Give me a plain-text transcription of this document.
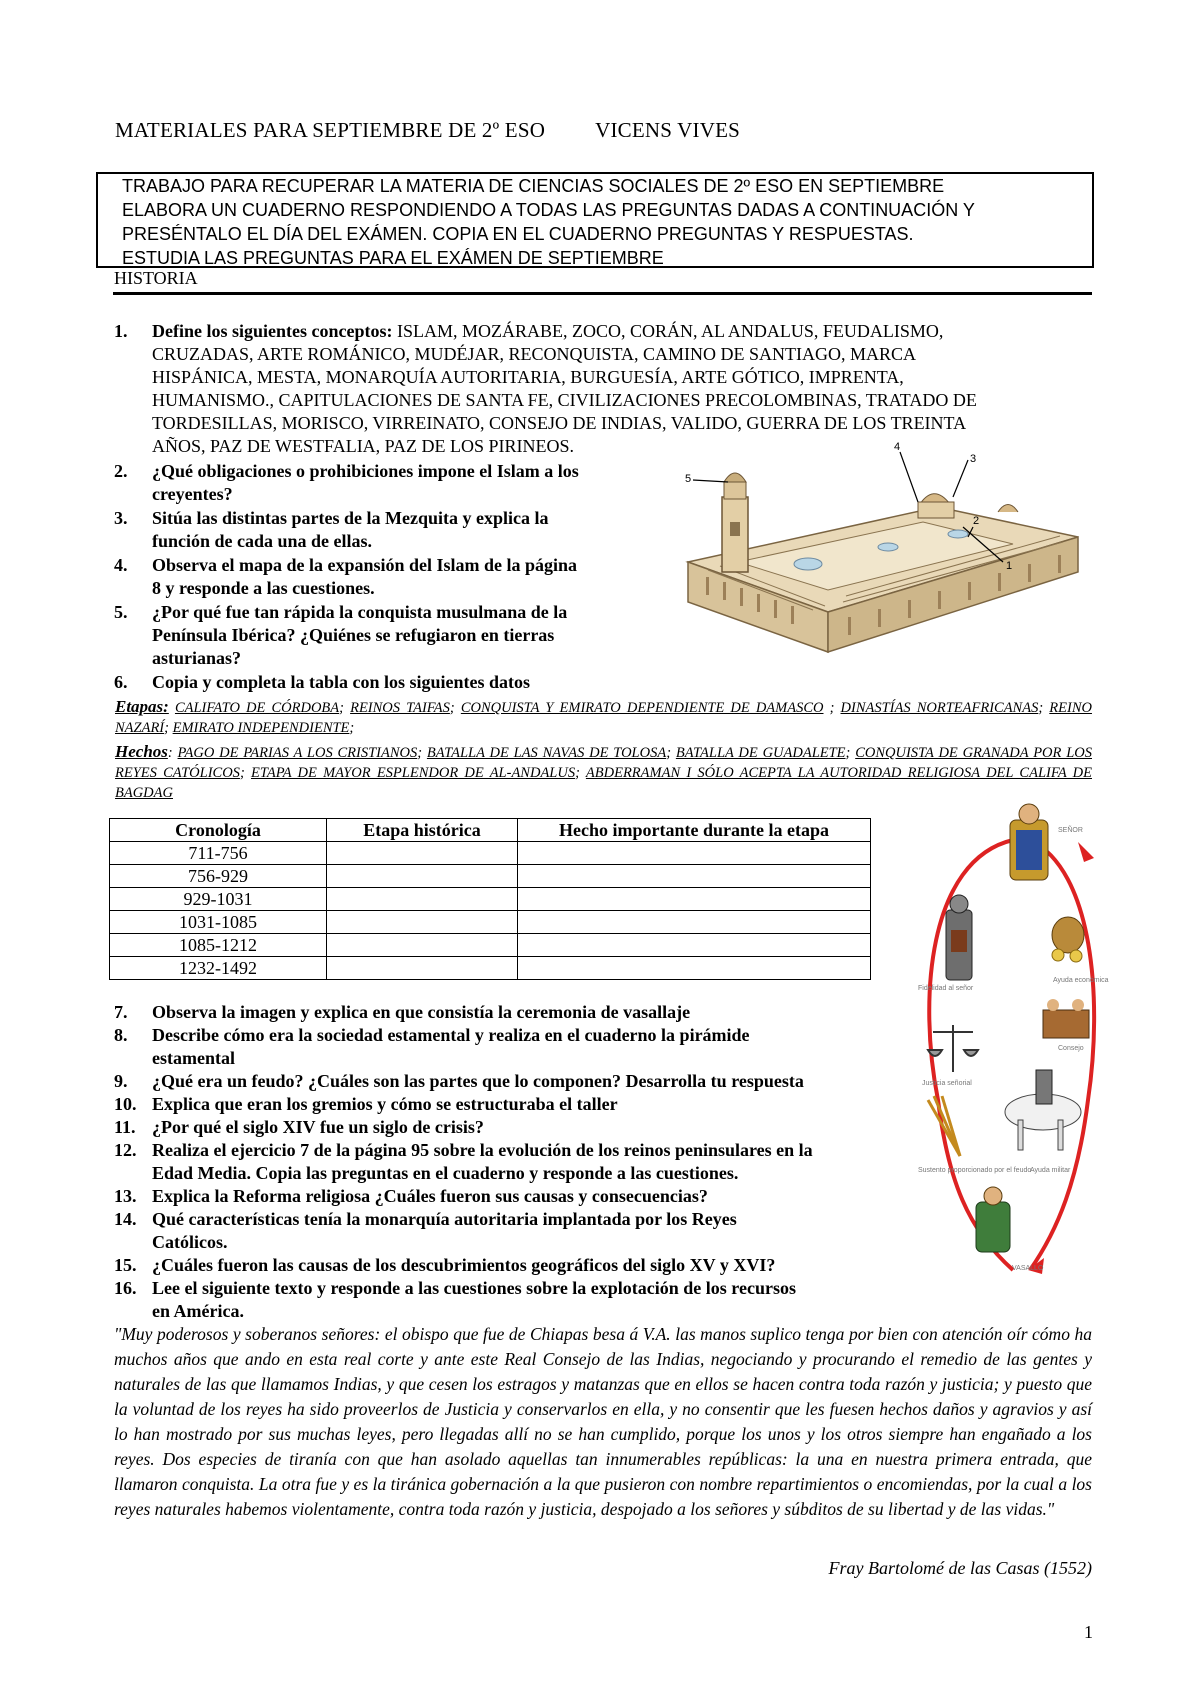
MATERIALES PARA SEPTIEMBRE DE 2º ESO VICENS VIVES
TRABAJO PARA RECUPERAR LA MATERIA DE CIENCIAS SOCIALES DE 2º ESO EN SEPTIEMBRE
ELABORA UN CUADERNO RESPONDIENDO A TODAS LAS PREGUNTAS DADAS A CONTINUACIÓN Y
PRESÉNTALO EL DÍA DEL EXÁMEN. COPIA EN EL CUADERNO PREGUNTAS Y RESPUESTAS.
ESTUDIA LAS PREGUNTAS PARA EL EXÁMEN DE SEPTIEMBRE
HISTORIA
1. Define los siguientes conceptos: ISLAM, MOZÁRABE, ZOCO, CORÁN, AL ANDALUS, FEUDALISMO,
CRUZADAS, ARTE ROMÁNICO, MUDÉJAR, RECONQUISTA, CAMINO DE SANTIAGO, MARCA
HISPÁNICA, MESTA, MONARQUÍA AUTORITARIA, BURGUESÍA, ARTE GÓTICO, IMPRENTA,
HUMANISMO., CAPITULACIONES DE SANTA FE, CIVILIZACIONES PRECOLOMBINAS, TRATADO DE
TORDESILLAS, MORISCO, VIRREINATO, CONSEJO DE INDIAS, VALIDO, GUERRA DE LOS TREINTA
AÑOS, PAZ DE WESTFALIA, PAZ DE LOS PIRINEOS.
2. ¿Qué obligaciones o prohibiciones impone el Islam a los
creyentes?
3. Sitúa las distintas partes de la Mezquita y explica la
función de cada una de ellas.
4. Observa el mapa de la expansión del Islam de la página
8 y responde a las cuestiones.
5. ¿Por qué fue tan rápida la conquista musulmana de la
Península Ibérica? ¿Quiénes se refugiaron en tierras
asturianas?
6. Copia y completa la tabla con los siguientes datos
4
3
5
2
1
Etapas: CALIFATO DE CÓRDOBA; REINOS TAIFAS; CONQUISTA Y EMIRATO DEPENDIENTE DE DAMASCO ; DINASTÍAS NORTEAFRICANAS; REINO NAZARÍ; EMIRATO INDEPENDIENTE;
Hechos: PAGO DE PARIAS A LOS CRISTIANOS; BATALLA DE LAS NAVAS DE TOLOSA; BATALLA DE GUADALETE; CONQUISTA DE GRANADA POR LOS REYES CATÓLICOS; ETAPA DE MAYOR ESPLENDOR DE AL-ANDALUS; ABDERRAMAN I SÓLO ACEPTA LA AUTORIDAD RELIGIOSA DEL CALIFA DE BAGDAG
Cronología	Etapa histórica	Hecho importante durante la etapa
711-756		
756-929		
929-1031		
1031-1085		
1085-1212		
1232-1492		
SEÑOR
Fidelidad al señor
Ayuda económica
Consejo
Justicia señorial
Ayuda militar
Sustento proporcionado por el feudo
VASALLO
7. Observa la imagen y explica en que consistía la ceremonia de vasallaje
8. Describe cómo era la sociedad estamental y realiza en el cuaderno la pirámide
estamental
9. ¿Qué era un feudo? ¿Cuáles son las partes que lo componen? Desarrolla tu respuesta
10. Explica que eran los gremios y cómo se estructuraba el taller
11. ¿Por qué el siglo XIV fue un siglo de crisis?
12. Realiza el ejercicio 7 de la página 95 sobre la evolución de los reinos peninsulares en la
Edad Media. Copia las preguntas en el cuaderno y responde a las cuestiones.
13. Explica la Reforma religiosa ¿Cuáles fueron sus causas y consecuencias?
14. Qué características tenía la monarquía autoritaria implantada por los Reyes
Católicos.
15. ¿Cuáles fueron las causas de los descubrimientos geográficos del siglo XV y XVI?
16. Lee el siguiente texto y responde a las cuestiones sobre la explotación de los recursos
en América.
"Muy poderosos y soberanos señores: el obispo que fue de Chiapas besa á V.A. las manos suplico tenga por bien con atención oír cómo ha muchos años que ando en esta real corte y ante este Real Consejo de las Indias, negociando y procurando el remedio de las gentes y naturales de las que llamamos Indias, y que cesen los estragos y matanzas que en ellos se hacen contra toda razón y justicia; y puesto que la voluntad de los reyes ha sido proveerlos de Justicia y conservarlos en ella, y no consentir que les fuesen hechos daños y agravios y así lo han mostrado por sus muchas leyes, pero llegadas allí no se han cumplido, porque los unos y los otros siempre han engañado a los reyes. Dos especies de tiranía con que han asolado aquellas tan innumerables repúblicas: la una en nuestra primera entrada, que llamaron conquista. La otra fue y es la tiránica gobernación a la que pusieron con nombre repartimientos o encomiendas, por la cual a los reyes naturales habemos violentamente, contra toda razón y justicia, despojado a los señores y súbditos de su libertad y de las vidas."
Fray Bartolomé de las Casas (1552)
1
